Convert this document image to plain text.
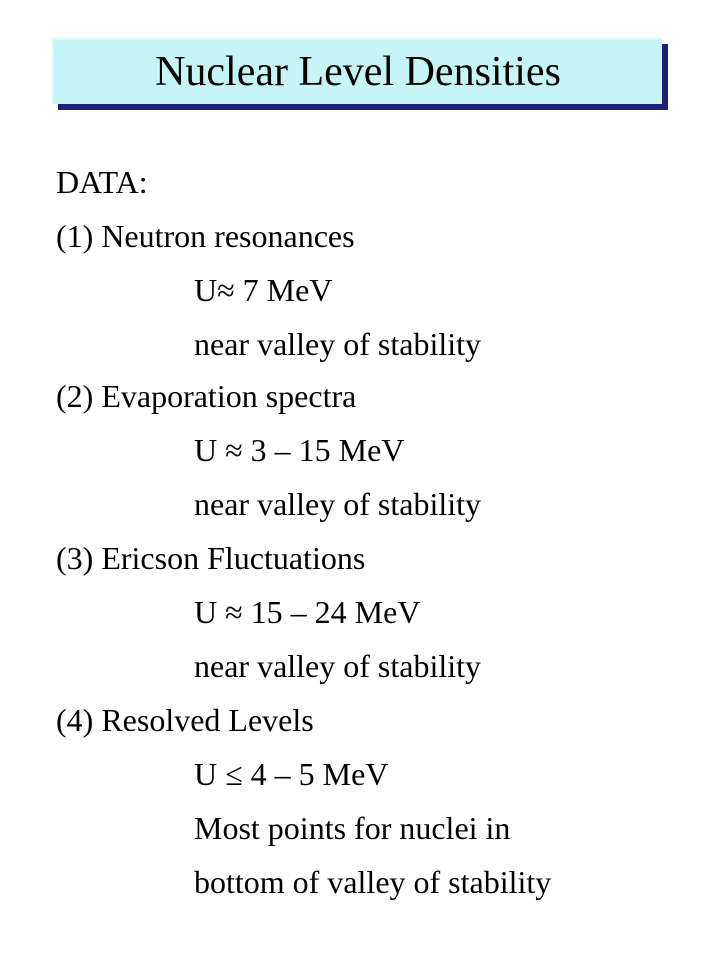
Nuclear Level Densities
DATA:
(1) Neutron resonances
U≈ 7 MeV
near valley of stability
(2) Evaporation spectra
U ≈ 3 – 15 MeV
near valley of stability
(3) Ericson Fluctuations
U ≈ 15 – 24 MeV
near valley of stability
(4) Resolved Levels
U ≤ 4 – 5 MeV
Most points for nuclei in
bottom of valley of stability
